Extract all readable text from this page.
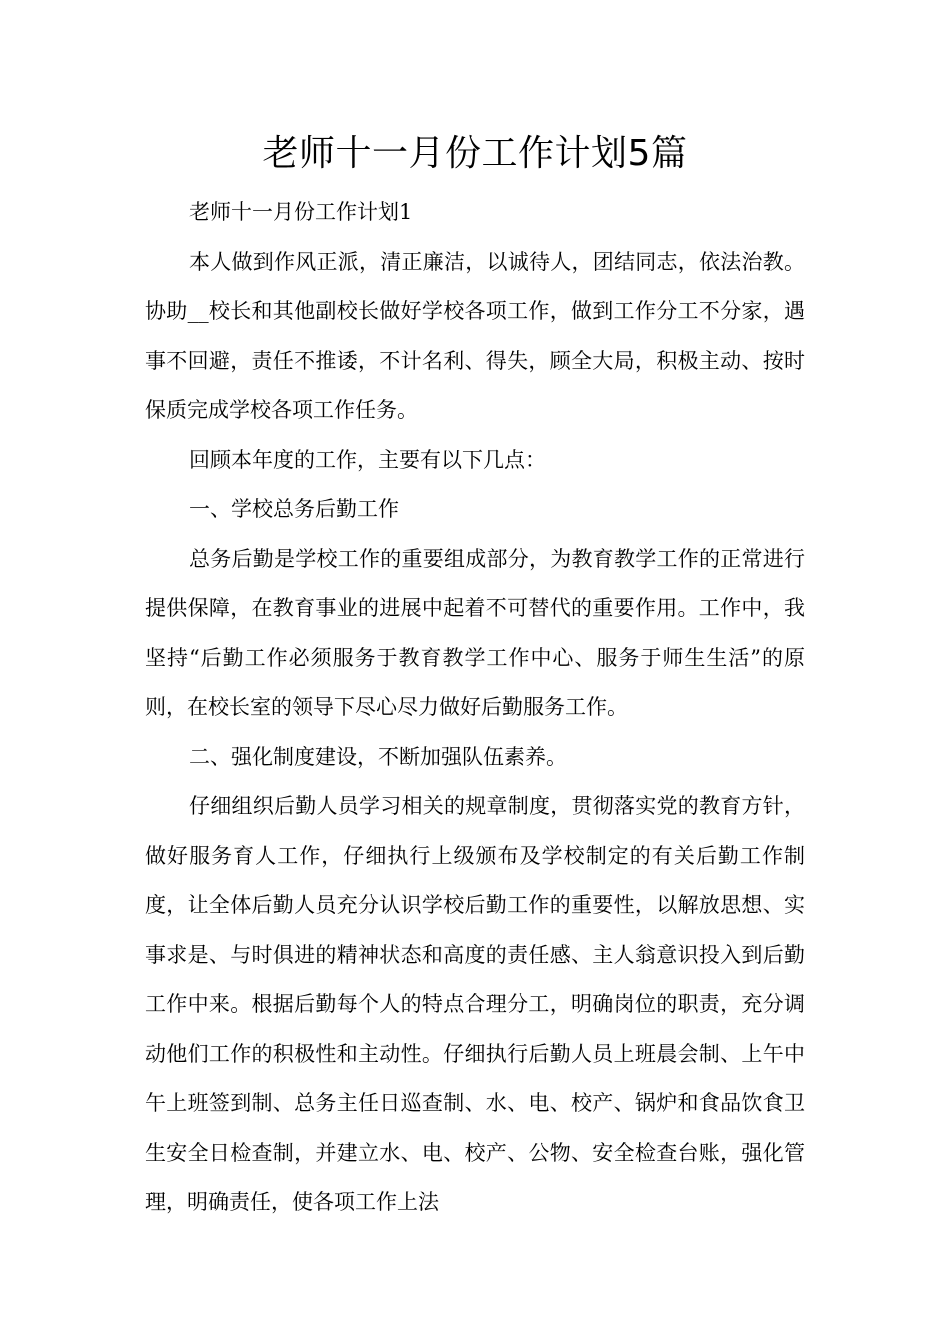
老师十一月份工作计划5篇

老师十一月份工作计划1

本人做到作风正派，清正廉洁，以诚待人，团结同志，依法治教。协助__校长和其他副校长做好学校各项工作，做到工作分工不分家，遇事不回避，责任不推诿，不计名利、得失，顾全大局，积极主动、按时保质完成学校各项工作任务。

回顾本年度的工作，主要有以下几点：

一、学校总务后勤工作

总务后勤是学校工作的重要组成部分，为教育教学工作的正常进行提供保障，在教育事业的进展中起着不可替代的重要作用。工作中，我坚持“后勤工作必须服务于教育教学工作中心、服务于师生生活”的原则，在校长室的领导下尽心尽力做好后勤服务工作。

二、强化制度建设，不断加强队伍素养。

仔细组织后勤人员学习相关的规章制度，贯彻落实党的教育方针，做好服务育人工作，仔细执行上级颁布及学校制定的有关后勤工作制度，让全体后勤人员充分认识学校后勤工作的重要性，以解放思想、实事求是、与时俱进的精神状态和高度的责任感、主人翁意识投入到后勤工作中来。根据后勤每个人的特点合理分工，明确岗位的职责，充分调动他们工作的积极性和主动性。仔细执行后勤人员上班晨会制、上午中午上班签到制、总务主任日巡查制、水、电、校产、锅炉和食品饮食卫生安全日检查制，并建立水、电、校产、公物、安全检查台账，强化管理，明确责任，使各项工作上法
